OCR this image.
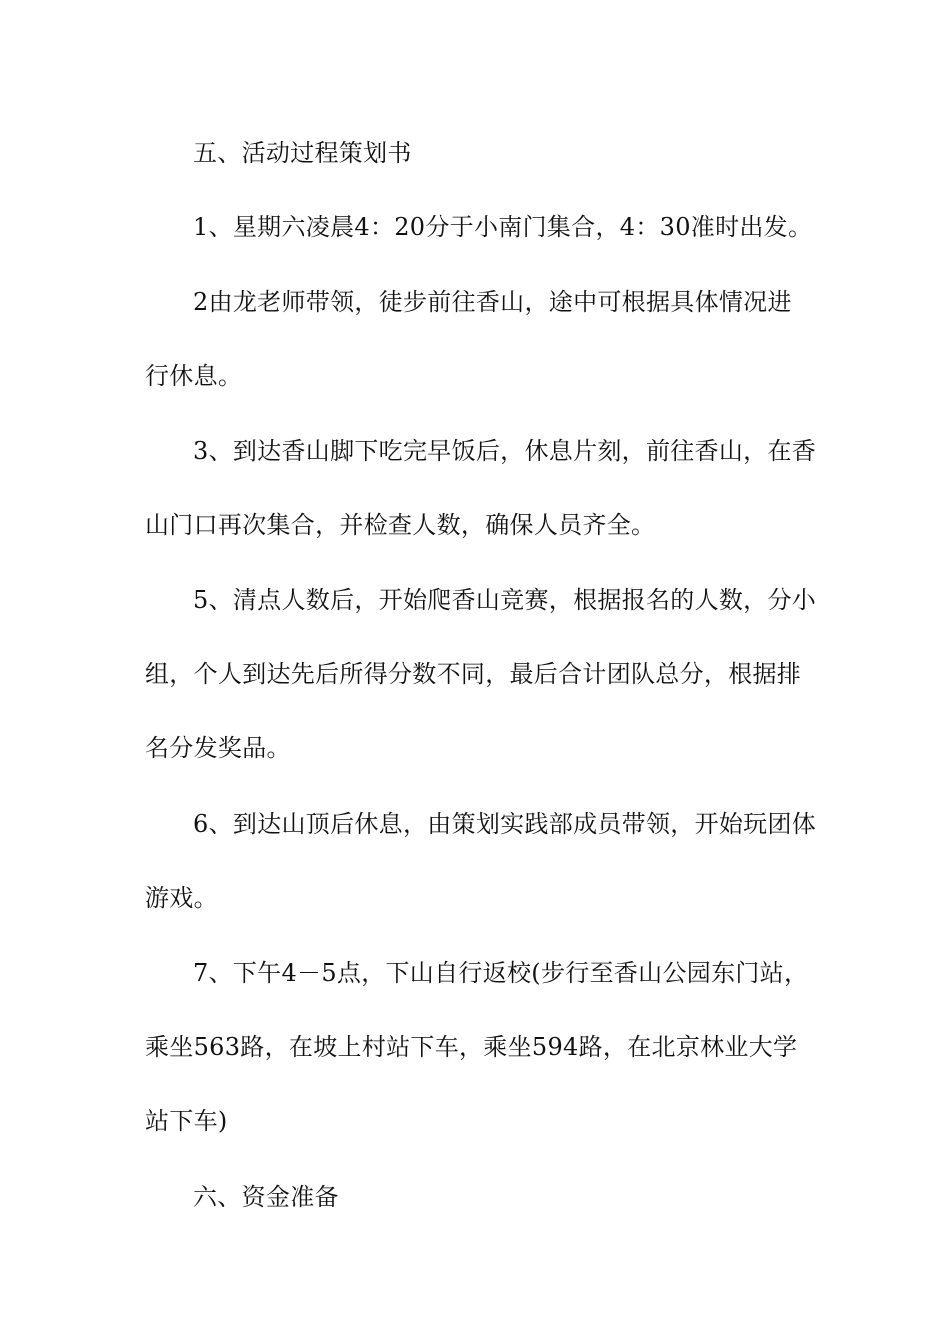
五、活动过程策划书
1、星期六凌晨4：20分于小南门集合，4：30准时出发。
2由龙老师带领，徒步前往香山，途中可根据具体情况进
行休息。
3、到达香山脚下吃完早饭后，休息片刻，前往香山，在香
山门口再次集合，并检查人数，确保人员齐全。
5、清点人数后，开始爬香山竞赛，根据报名的人数，分小
组，个人到达先后所得分数不同，最后合计团队总分，根据排
名分发奖品。
6、到达山顶后休息，由策划实践部成员带领，开始玩团体
游戏。
7、下午4－5点，下山自行返校(步行至香山公园东门站，
乘坐563路，在坡上村站下车，乘坐594路，在北京林业大学
站下车)
六、资金准备
